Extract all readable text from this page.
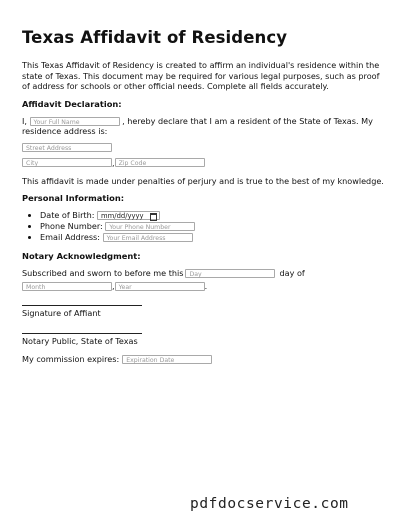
Texas Affidavit of Residency

This Texas Affidavit of Residency is created to affirm an individual's residence within the state of Texas. This document may be required for various legal purposes, such as proof of address for schools or other official needs. Complete all fields accurately.

Affidavit Declaration:

I, Your Full Name	, hereby declare that I am a resident of the State of Texas. My residence address is:

Street Address
City	, Zip Code

This affidavit is made under penalties of perjury and is true to the best of my knowledge.

Personal Information:
• Date of Birth: mm/dd/yyyy
• Phone Number: Your Phone Number
• Email Address: Your Email Address
Notary Acknowledgment:
Subscribed and sworn to before me this Day	day of
Month	, Year	.

Signature of Affiant

Notary Public, State of Texas

My commission expires:	Expiration Date
pdfdocservice.com
